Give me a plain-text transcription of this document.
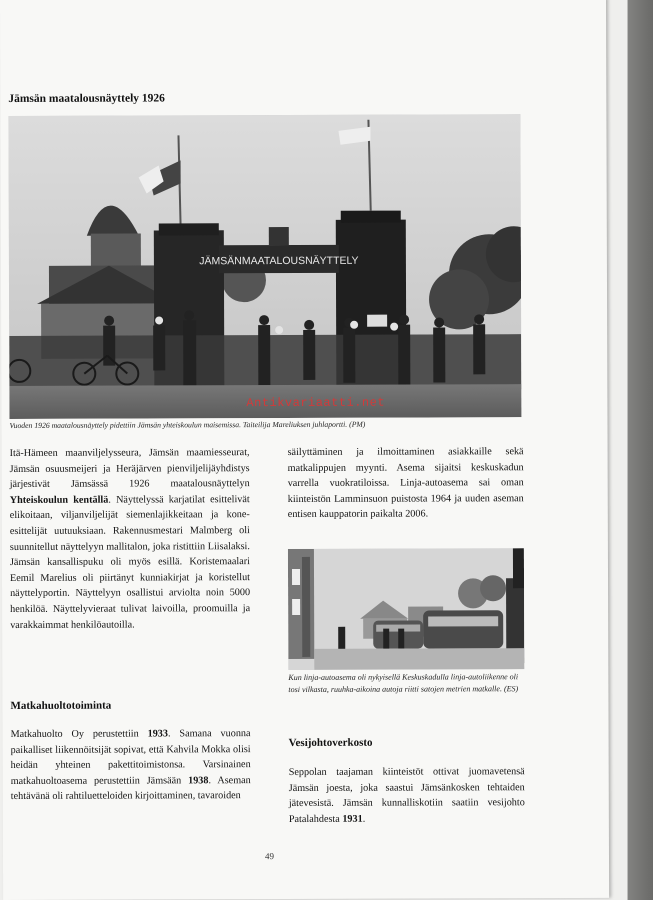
Jämsän maatalousnäyttely 1926
JÄMSÄNMAATALOUSNÄYTTELY
Antikvariaatti.net
Vuoden 1926 maatalousnäyttely pidettiin Jämsän yhteiskoulun maisemissa. Taiteilija Mareliuksen juhlaportti. (PM)

Itä-Hämeen maanviljelysseura, Jämsän maamiesseurat, Jämsän osuusmeijeri ja Heräjärven pienviljelijäyhdistys järjestivät Jämsässä 1926 maatalousnäyttelyn Yhteiskoulun kentällä. Näyttelyssä karjatilat esittelivät elikoitaan, viljanviljelijät siemenlajikkeitaan ja kone-esittelijät uutuuksiaan. Rakennusmestari Malmberg oli suunnitellut näyttelyyn mallitalon, joka ristittiin Liisalaksi. Jämsän kansallispuku oli myös esillä. Koristemaalari Eemil Marelius oli piirtänyt kunniakirjat ja koristellut näyttelyportin. Näyttelyyn osallistui arviolta noin 5000 henkilöä. Näyttelyvieraat tulivat laivoilla, proomuilla ja varakkaimmat henkilöautoilla.

Matkahuoltotoiminta

Matkahuolto Oy perustettiin 1933. Samana vuonna paikalliset liikennöitsijät sopivat, että Kahvila Mokka olisi heidän yhteinen pakettitoimistonsa. Varsinainen matkahuoltoasema perustettiin Jämsään 1938. Aseman tehtävänä oli rahtiluetteloiden kirjoittaminen, tavaroiden

säilyttäminen ja ilmoittaminen asiakkaille sekä matkalippujen myynti. Asema sijaitsi keskuskadun varrella vuokratiloissa. Linja-autoasema sai oman kiinteistön Lamminsuon puistosta 1964 ja uuden aseman entisen kauppatorin paikalta 2006.

Kun linja-autoasema oli nykyisellä Keskuskadulla linja-autoliikenne oli tosi vilkasta, ruuhka-aikoina autoja riitti satojen metrien matkalle. (ES)
Vesijohtoverkosto

Seppolan taajaman kiinteistöt ottivat juomavetensä Jämsän joesta, joka saastui Jämsänkosken tehtaiden jätevesistä. Jämsän kunnalliskotiin saatiin vesijohto Patalahdesta 1931.

49
